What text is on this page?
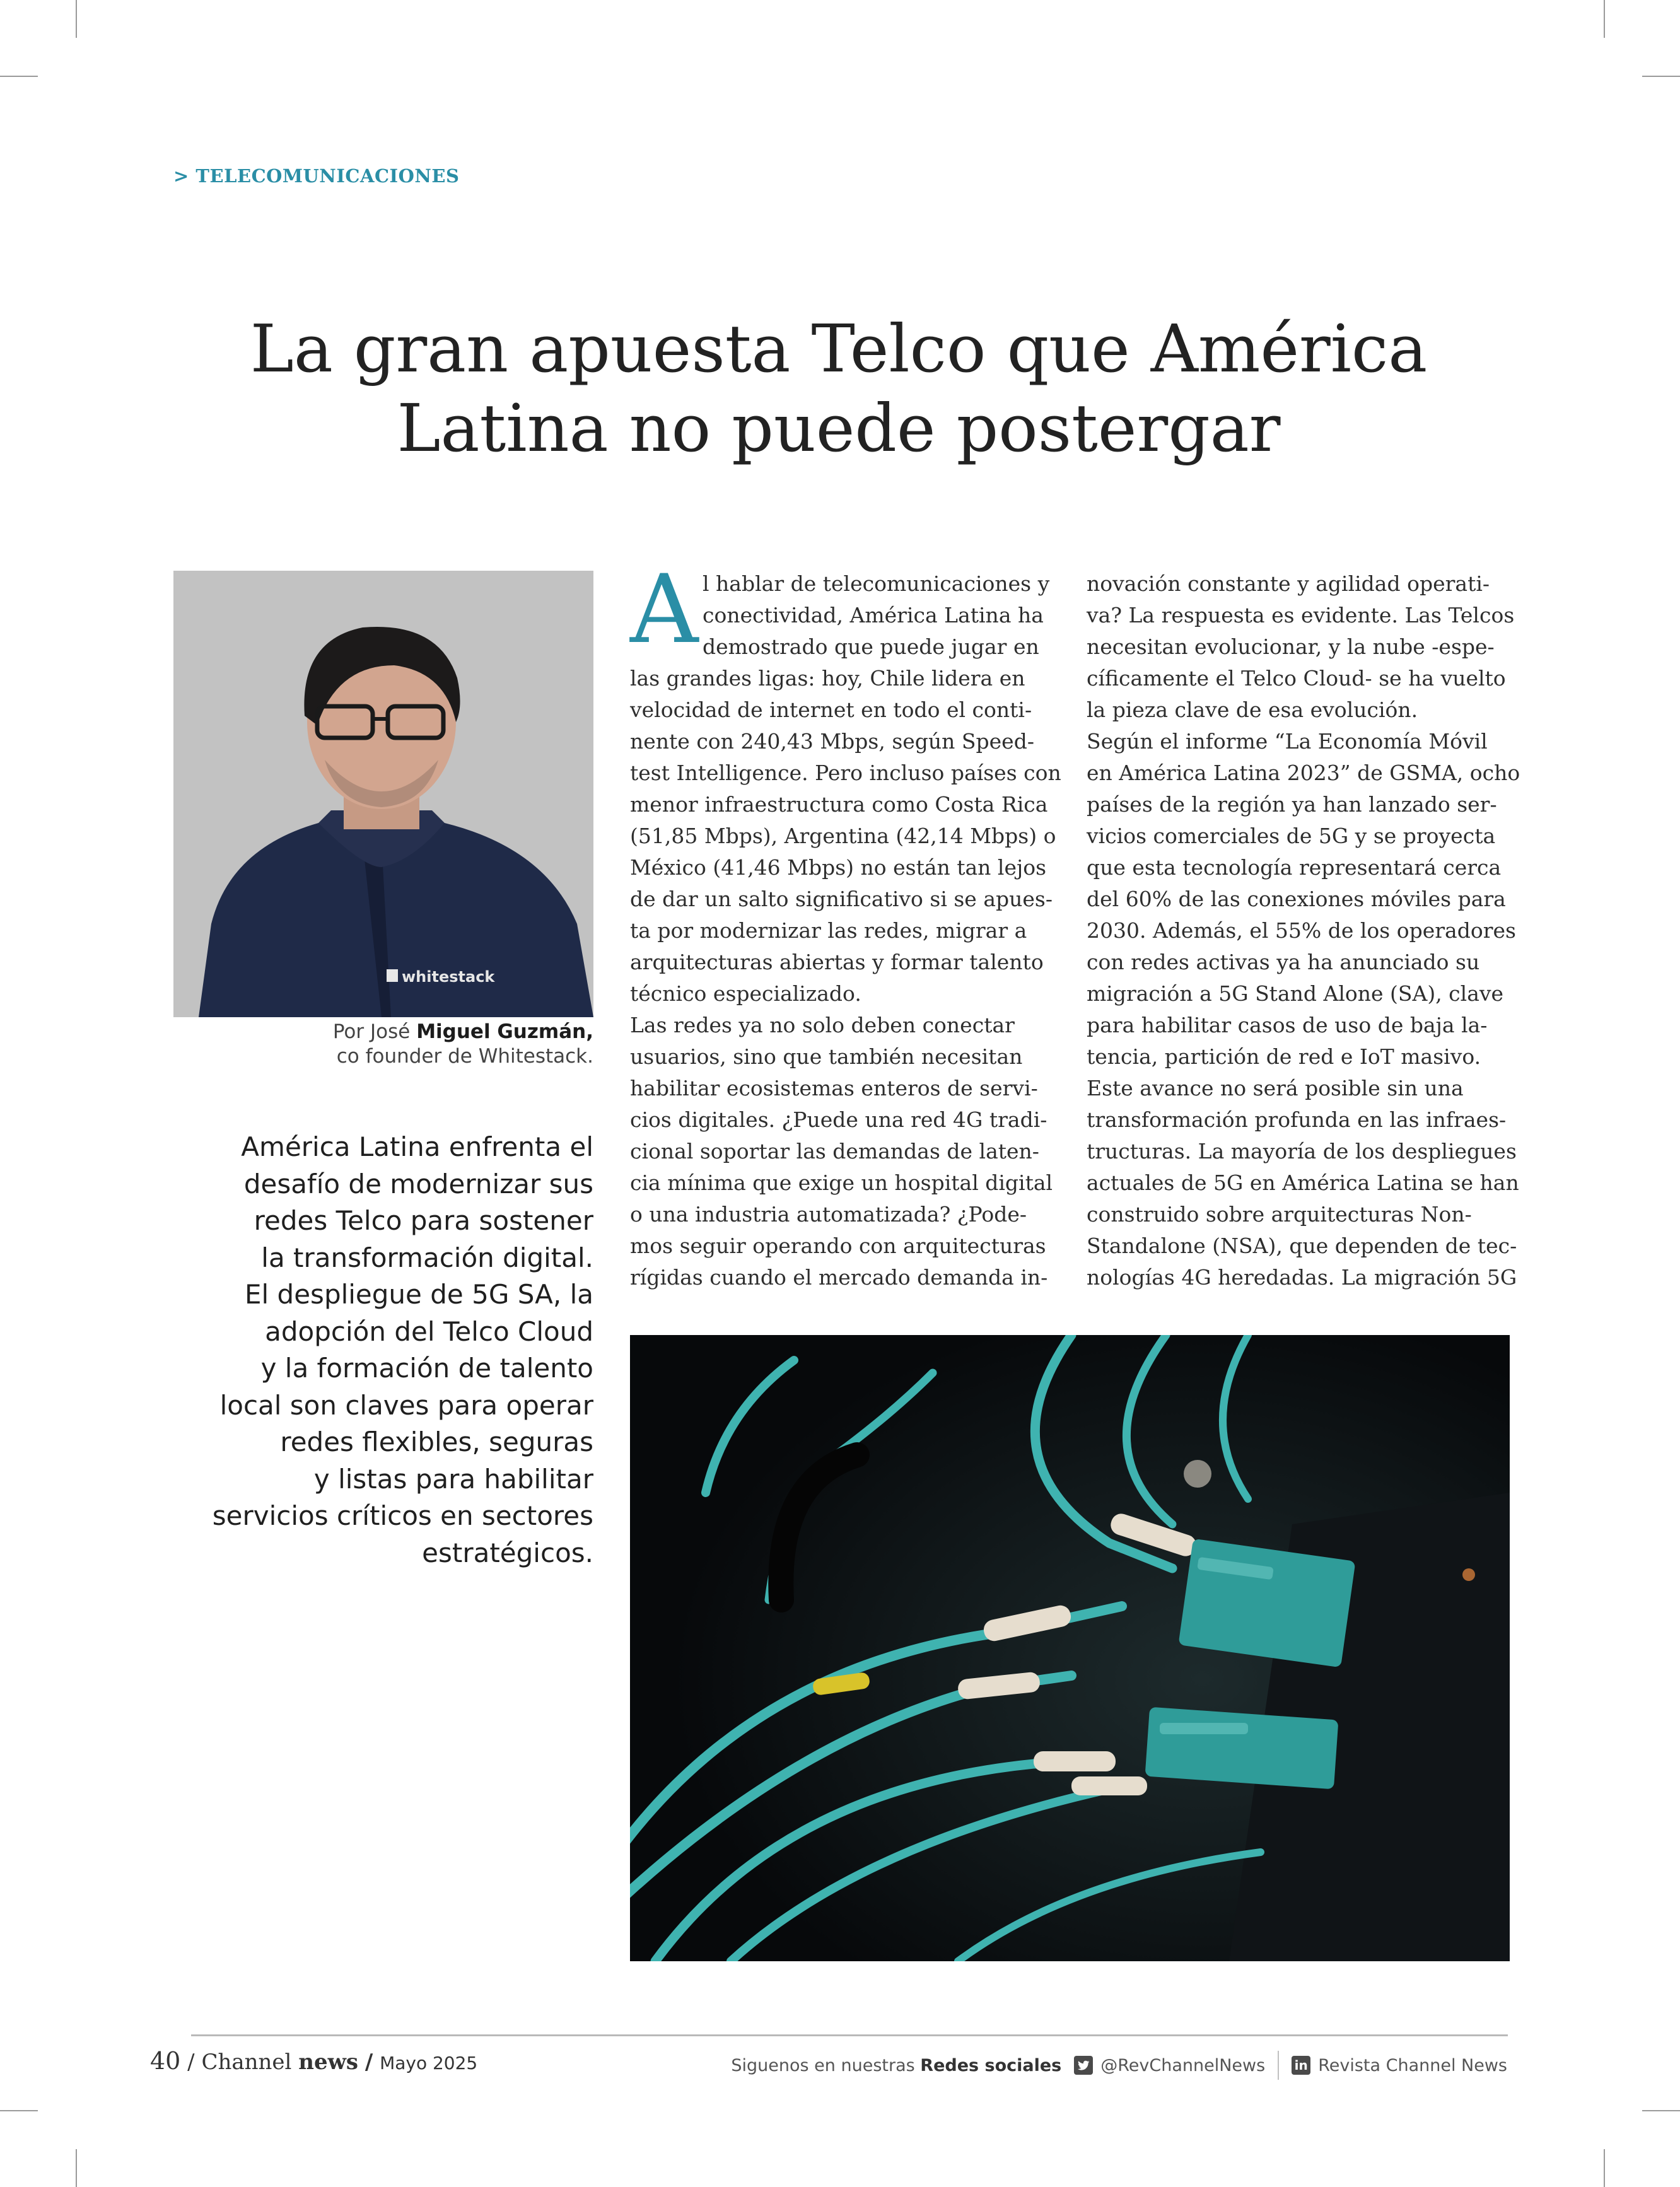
> TELECOMUNICACIONES
La gran apuesta Telco que América
Latina no puede postergar
whitestack
Por José Miguel Guzmán,
co founder de Whitestack.
América Latina enfrenta el
desafío de modernizar sus
redes Telco para sostener
la transformación digital.
El despliegue de 5G SA, la
adopción del Telco Cloud
y la formación de talento
local son claves para operar
redes flexibles, seguras
y listas para habilitar
servicios críticos en sectores
estratégicos.
A l hablar de telecomunicaciones y
conectividad, América Latina ha
demostrado que puede jugar en
las grandes ligas: hoy, Chile lidera en
velocidad de internet en todo el conti-
nente con 240,43 Mbps, según Speed-
test Intelligence. Pero incluso países con
menor infraestructura como Costa Rica
(51,85 Mbps), Argentina (42,14 Mbps) o
México (41,46 Mbps) no están tan lejos
de dar un salto significativo si se apues-
ta por modernizar las redes, migrar a
arquitecturas abiertas y formar talento
técnico especializado.
Las redes ya no solo deben conectar
usuarios, sino que también necesitan
habilitar ecosistemas enteros de servi-
cios digitales. ¿Puede una red 4G tradi-
cional soportar las demandas de laten-
cia mínima que exige un hospital digital
o una industria automatizada? ¿Pode-
mos seguir operando con arquitecturas
rígidas cuando el mercado demanda in-
novación constante y agilidad operati-
va? La respuesta es evidente. Las Telcos
necesitan evolucionar, y la nube -espe-
cíficamente el Telco Cloud- se ha vuelto
la pieza clave de esa evolución.
Según el informe “La Economía Móvil
en América Latina 2023” de GSMA, ocho
países de la región ya han lanzado ser-
vicios comerciales de 5G y se proyecta
que esta tecnología representará cerca
del 60% de las conexiones móviles para
2030. Además, el 55% de los operadores
con redes activas ya ha anunciado su
migración a 5G Stand Alone (SA), clave
para habilitar casos de uso de baja la-
tencia, partición de red e IoT masivo.
Este avance no será posible sin una
transformación profunda en las infraes-
tructuras. La mayoría de los despliegues
actuales de 5G en América Latina se han
construido sobre arquitecturas Non-
Standalone (NSA), que dependen de tec-
nologías 4G heredadas. La migración 5G
40 / Channel news / Mayo 2025	Siguenos en nuestras
Redes sociales @RevChannelNews in Revista Channel News
